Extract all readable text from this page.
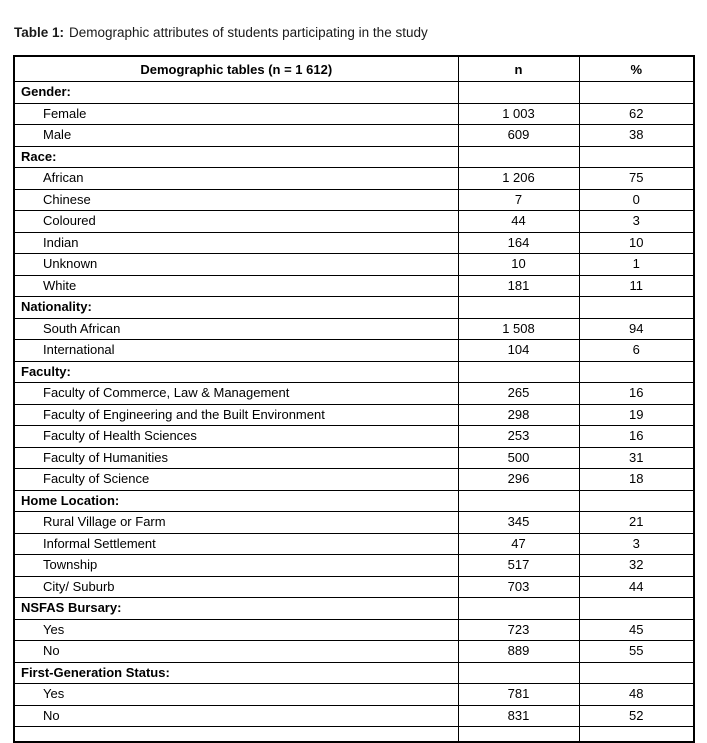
Table 1: Demographic attributes of students participating in the study

Demographic tables (n = 1 612)	n	%
Gender:		
Female	1 003	62
Male	609	38
Race:		
African	1 206	75
Chinese	7	0
Coloured	44	3
Indian	164	10
Unknown	10	1
White	181	11
Nationality:		
South African	1 508	94
International	104	6
Faculty:		
Faculty of Commerce, Law & Management	265	16
Faculty of Engineering and the Built Environment	298	19
Faculty of Health Sciences	253	16
Faculty of Humanities	500	31
Faculty of Science	296	18
Home Location:		
Rural Village or Farm	345	21
Informal Settlement	47	3
Township	517	32
City/ Suburb	703	44
NSFAS Bursary:		
Yes	723	45
No	889	55
First-Generation Status:		
Yes	781	48
No	831	52
